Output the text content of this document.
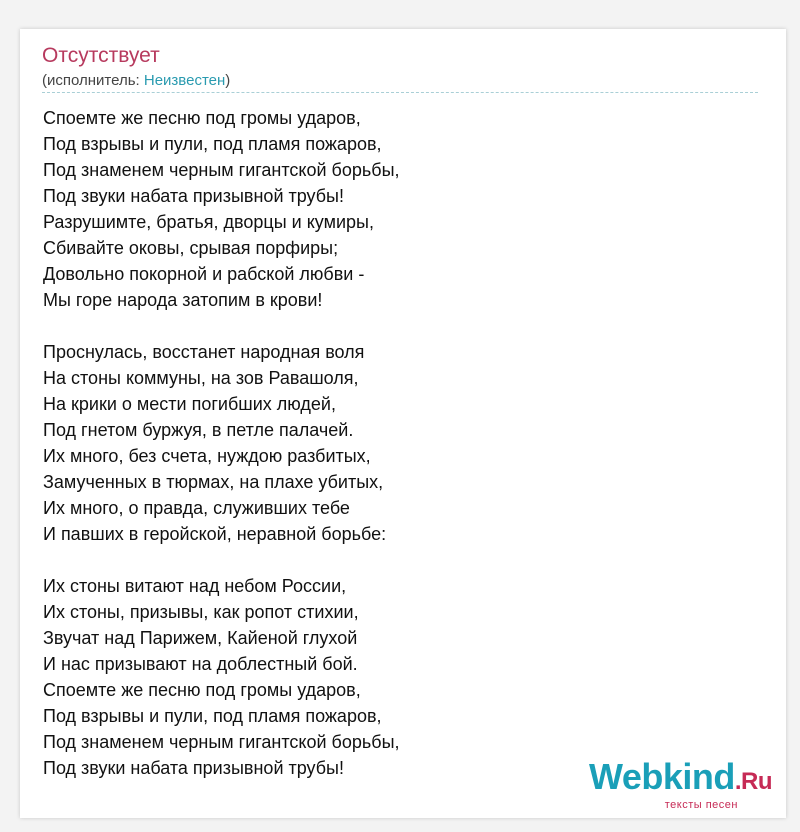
Отсутствует
(исполнитель: Неизвестен)
Споемте же песню под громы ударов,
Под взрывы и пули, под пламя пожаров,
Под знаменем черным гигантской борьбы,
Под звуки набата призывной трубы!
Разрушимте, братья, дворцы и кумиры,
Сбивайте оковы, срывая порфиры;
Довольно покорной и рабской любви -
Мы горе народа затопим в крови!
Проснулась, восстанет народная воля
На стоны коммуны, на зов Равашоля,
На крики о мести погибших людей,
Под гнетом буржуя, в петле палачей.
Их много, без счета, нуждою разбитых,
Замученных в тюрмах, на плахе убитых,
Их много, о правда, служивших тебе
И павших в геройской, неравной борьбе:
Их стоны витают над небом России,
Их стоны, призывы, как ропот стихии,
Звучат над Парижем, Кайеной глухой
И нас призывают на доблестный бой.
Споемте же песню под громы ударов,
Под взрывы и пули, под пламя пожаров,
Под знаменем черным гигантской борьбы,
Под звуки набата призывной трубы!	Webkind.Ru
тексты песен
